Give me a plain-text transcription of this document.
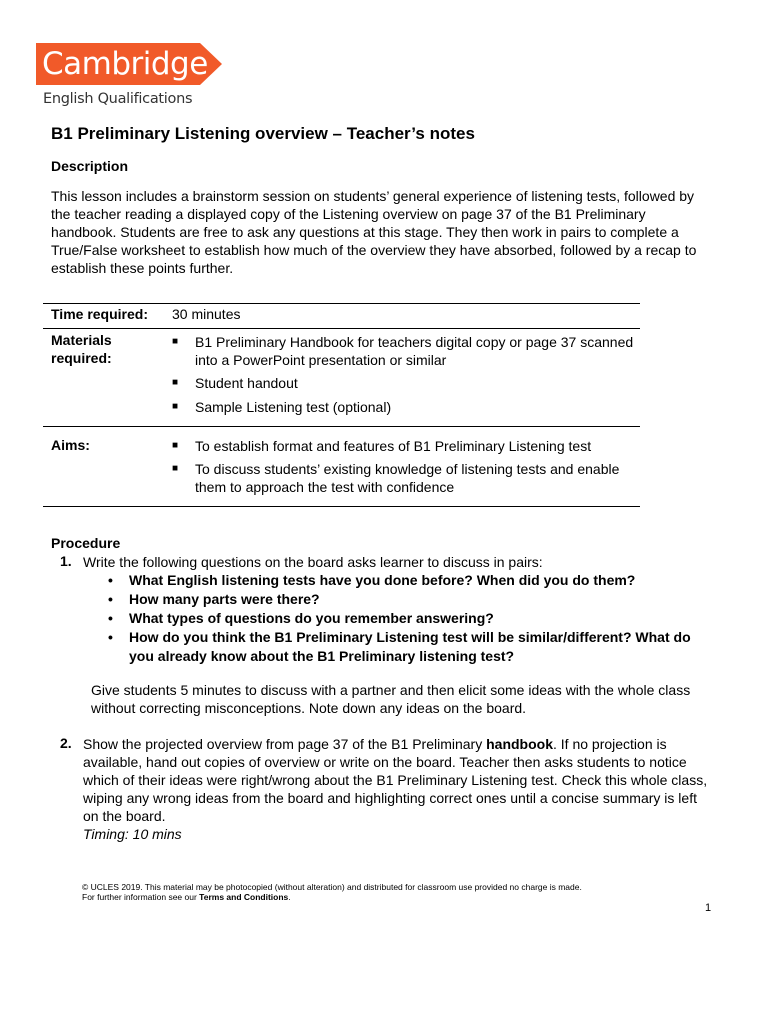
Cambridge
English Qualifications
B1 Preliminary Listening overview – Teacher’s notes
Description
This lesson includes a brainstorm session on students’ general experience of listening tests, followed by the teacher reading a displayed copy of the Listening overview on page 37 of the B1 Preliminary handbook. Students are free to ask any questions at this stage. They then work in pairs to complete a True/False worksheet to establish how much of the overview they have absorbed, followed by a recap to establish these points further.
Time required: 30 minutes
Materials required:
■ B1 Preliminary Handbook for teachers digital copy or page 37 scanned into a PowerPoint presentation or similar
■ Student handout
■ Sample Listening test (optional)
Aims:	■ To establish format and features of B1 Preliminary Listening test
■ To discuss students’ existing knowledge of listening tests and enable them to approach the test with confidence
Procedure
1. Write the following questions on the board asks learner to discuss in pairs:
• What English listening tests have you done before? When did you do them?
• How many parts were there?
• What types of questions do you remember answering?
• How do you think the B1 Preliminary Listening test will be similar/different? What do you already know about the B1 Preliminary listening test?
Give students 5 minutes to discuss with a partner and then elicit some ideas with the whole class without correcting misconceptions. Note down any ideas on the board.
2. Show the projected overview from page 37 of the B1 Preliminary handbook. If no projection is available, hand out copies of overview or write on the board. Teacher then asks students to notice which of their ideas were right/wrong about the B1 Preliminary Listening test. Check this whole class, wiping any wrong ideas from the board and highlighting correct ones until a concise summary is left on the board.
Timing: 10 mins
© UCLES 2019. This material may be photocopied (without alteration) and distributed for classroom use provided no charge is made.
For further information see our Terms and Conditions.
1
